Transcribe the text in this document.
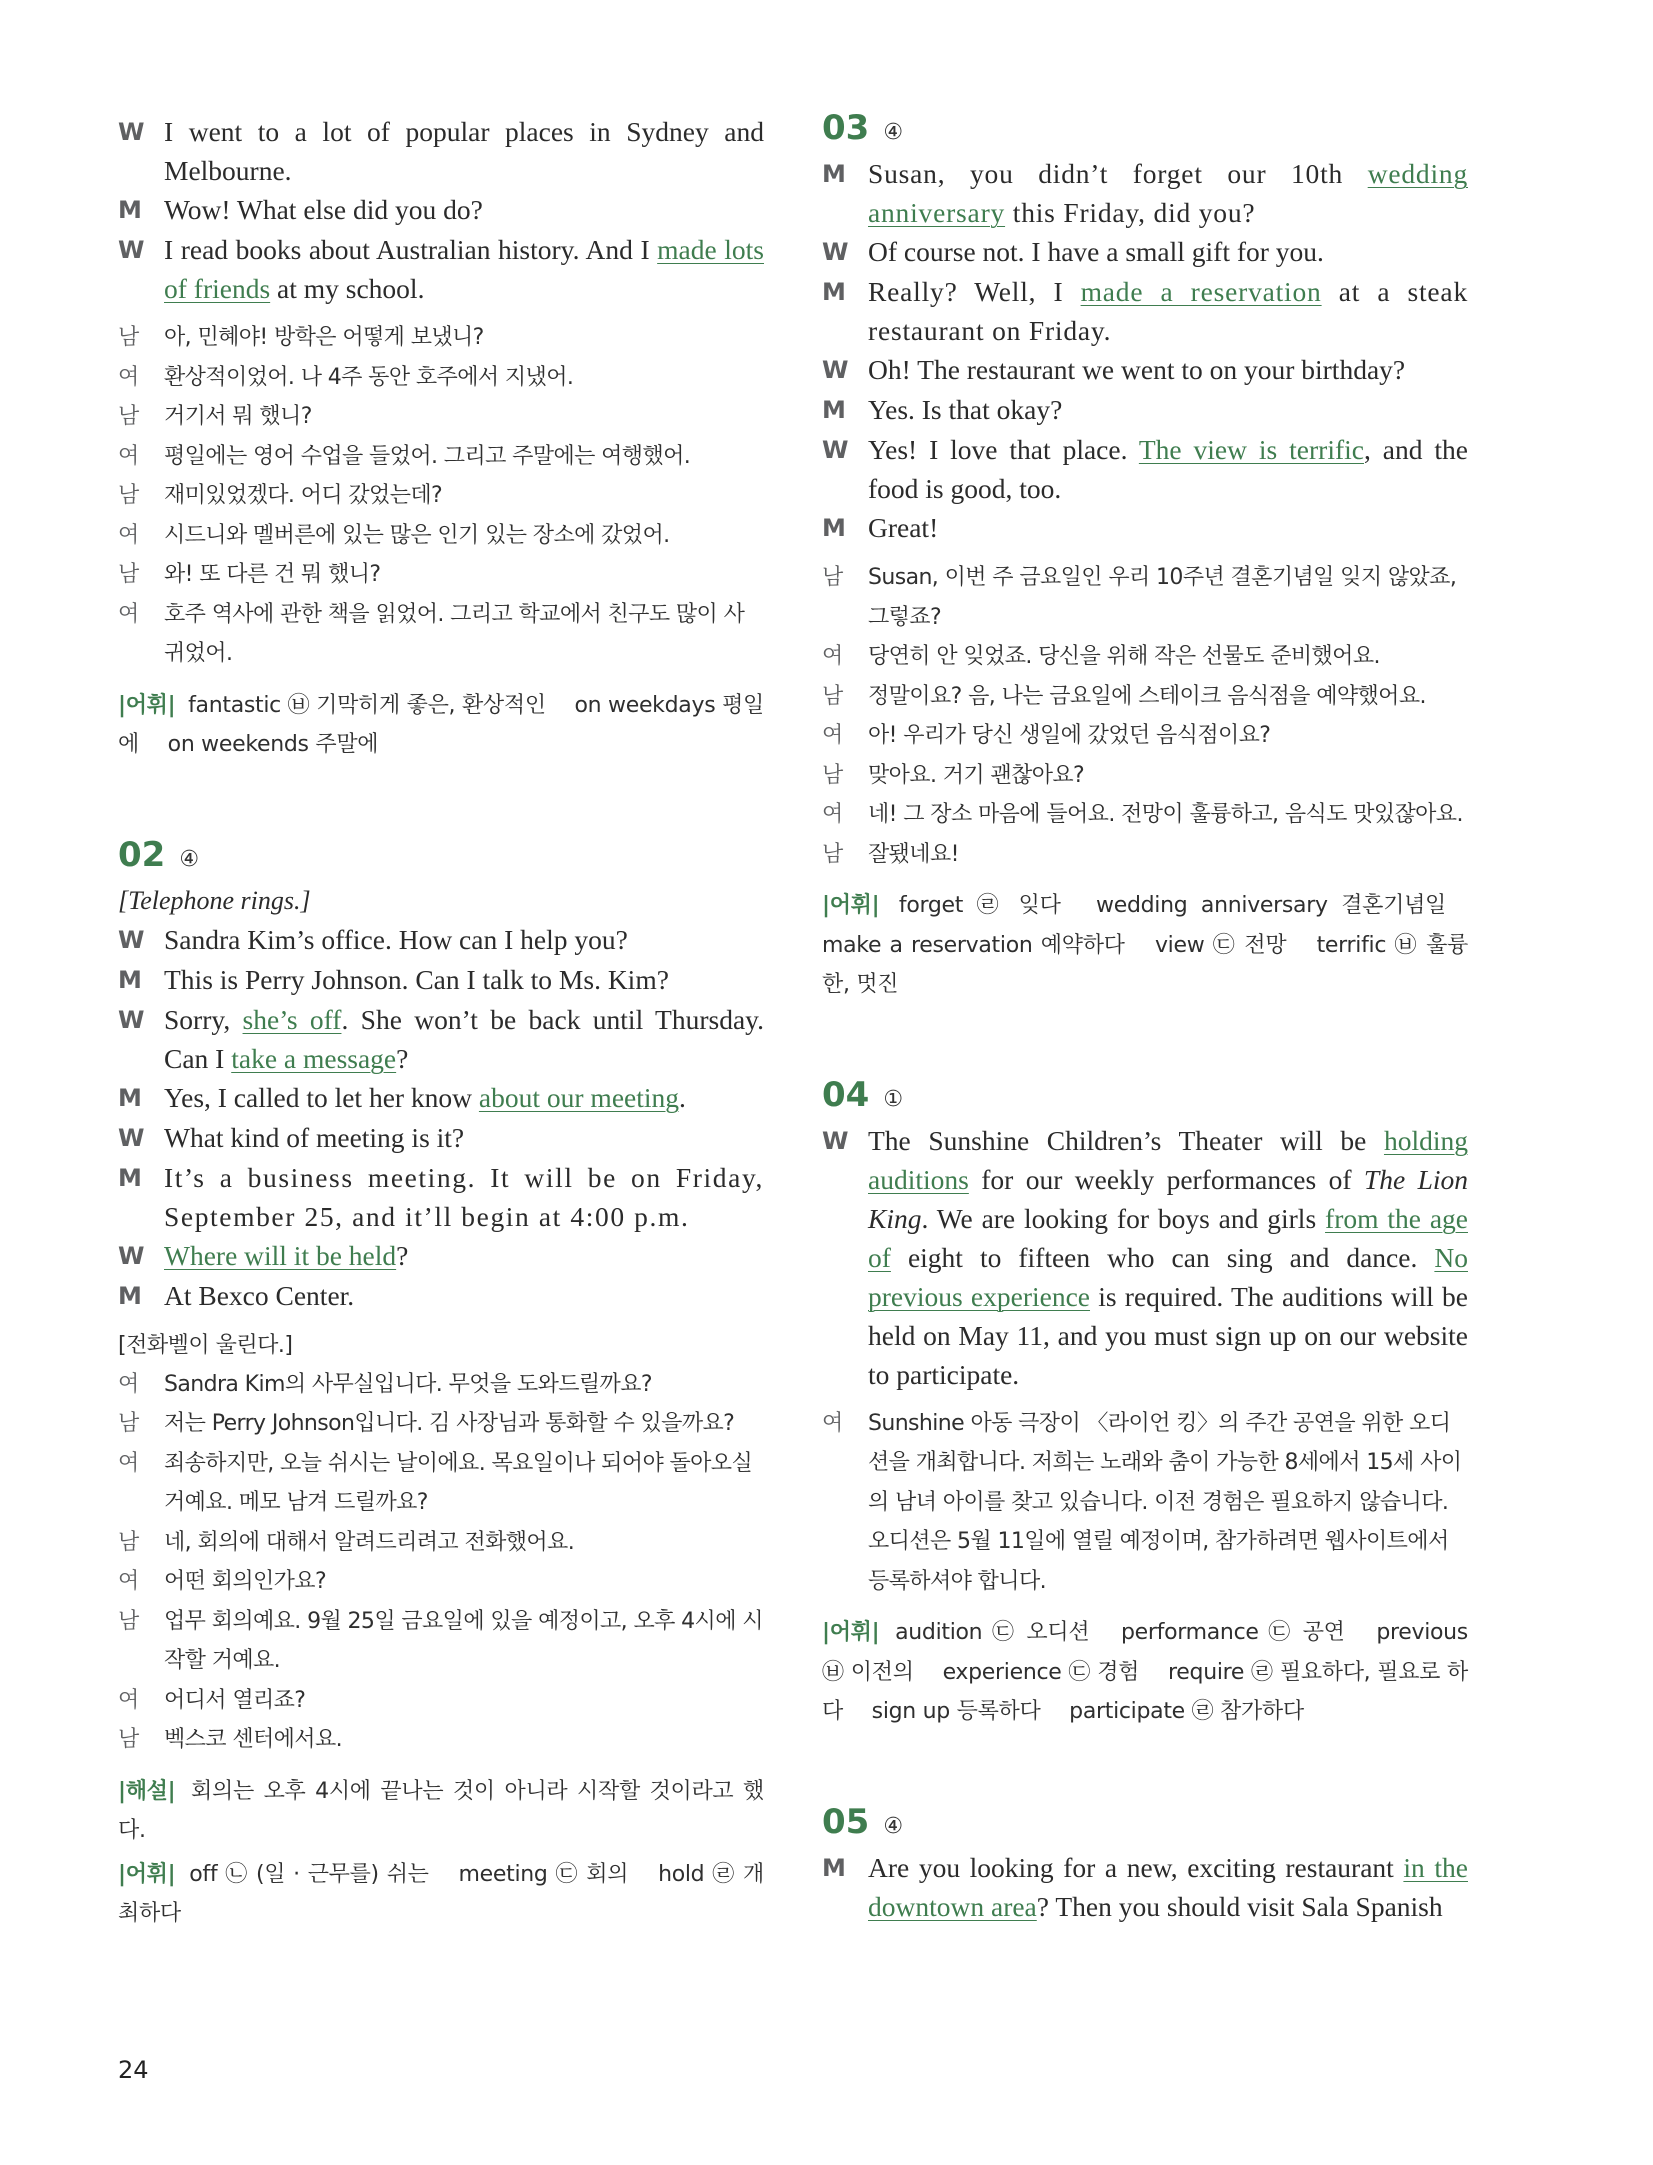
W I went to a lot of popular places in Sydney and Melbourne.
M Wow! What else did you do?
W I read books about Australian history. And I made lots of friends at my school.
남	아, 민혜야! 방학은 어떻게 보냈니?
여	환상적이었어. 나 4주 동안 호주에서 지냈어.
남	거기서 뭐 했니?
여	평일에는 영어 수업을 들었어. 그리고 주말에는 여행했어.
남	재미있었겠다. 어디 갔었는데?
여	시드니와 멜버른에 있는 많은 인기 있는 장소에 갔었어.
남	와! 또 다른 건 뭐 했니?
여	호주 역사에 관한 책을 읽었어. 그리고 학교에서 친구도 많이 사귀었어.
|어휘| fantastic ㉥ 기막히게 좋은, 환상적인 on weekdays 평일에 on weekends 주말에
02 ④
[Telephone rings.]
W Sandra Kim’s office. How can I help you?
M This is Perry Johnson. Can I talk to Ms. Kim?
W Sorry, she’s off. She won’t be back until Thursday. Can I take a message?
M Yes, I called to let her know about our meeting.
W What kind of meeting is it?
M It’s a business meeting. It will be on Friday, September 25, and it’ll begin at 4:00 p.m.
W Where will it be held?
M At Bexco Center.
[전화벨이 울린다.]
여	Sandra Kim의 사무실입니다. 무엇을 도와드릴까요?
남	저는 Perry Johnson입니다. 김 사장님과 통화할 수 있을까요?
여	죄송하지만, 오늘 쉬시는 날이에요. 목요일이나 되어야 돌아오실 거예요. 메모 남겨 드릴까요?
남	네, 회의에 대해서 알려드리려고 전화했어요.
여	어떤 회의인가요?
남	업무 회의예요. 9월 25일 금요일에 있을 예정이고, 오후 4시에 시작할 거예요.
여	어디서 열리죠?
남	벡스코 센터에서요.
|해설| 회의는 오후 4시에 끝나는 것이 아니라 시작할 것이라고 했다.
|어휘| off ㉡ (일 · 근무를) 쉬는 meeting ㉢ 회의 hold ㉣ 개최하다
03 ④
M Susan, you didn’t forget our 10th wedding anniversary this Friday, did you?
W Of course not. I have a small gift for you.
M Really? Well, I made a reservation at a steak restaurant on Friday.
W Oh! The restaurant we went to on your birthday?
M Yes. Is that okay?
W Yes! I love that place. The view is terrific, and the food is good, too.
M Great!
남	Susan, 이번 주 금요일인 우리 10주년 결혼기념일 잊지 않았죠, 그렇죠?
여	당연히 안 잊었죠. 당신을 위해 작은 선물도 준비했어요.
남	정말이요? 음, 나는 금요일에 스테이크 음식점을 예약했어요.
여	아! 우리가 당신 생일에 갔었던 음식점이요?
남	맞아요. 거기 괜찮아요?
여	네! 그 장소 마음에 들어요. 전망이 훌륭하고, 음식도 맛있잖아요.
남	잘됐네요!
|어휘| forget ㉣ 잊다 wedding anniversary 결혼기념일 make a reservation 예약하다 view ㉢ 전망 terrific ㉥ 훌륭한, 멋진
04 ①
W The Sunshine Children’s Theater will be holding auditions for our weekly performances of The Lion King. We are looking for boys and girls from the age of eight to fifteen who can sing and dance. No previous experience is required. The auditions will be held on May 11, and you must sign up on our website to participate.
여	Sunshine 아동 극장이 〈라이언 킹〉의 주간 공연을 위한 오디션을 개최합니다. 저희는 노래와 춤이 가능한 8세에서 15세 사이의 남녀 아이를 찾고 있습니다. 이전 경험은 필요하지 않습니다. 오디션은 5월 11일에 열릴 예정이며, 참가하려면 웹사이트에서 등록하셔야 합니다.
|어휘| audition ㉢ 오디션 performance ㉢ 공연 previous ㉥ 이전의 experience ㉢ 경험 require ㉣ 필요하다, 필요로 하다 sign up 등록하다 participate ㉣ 참가하다
05 ④
M Are you looking for a new, exciting restaurant in the downtown area? Then you should visit Sala Spanish
24
